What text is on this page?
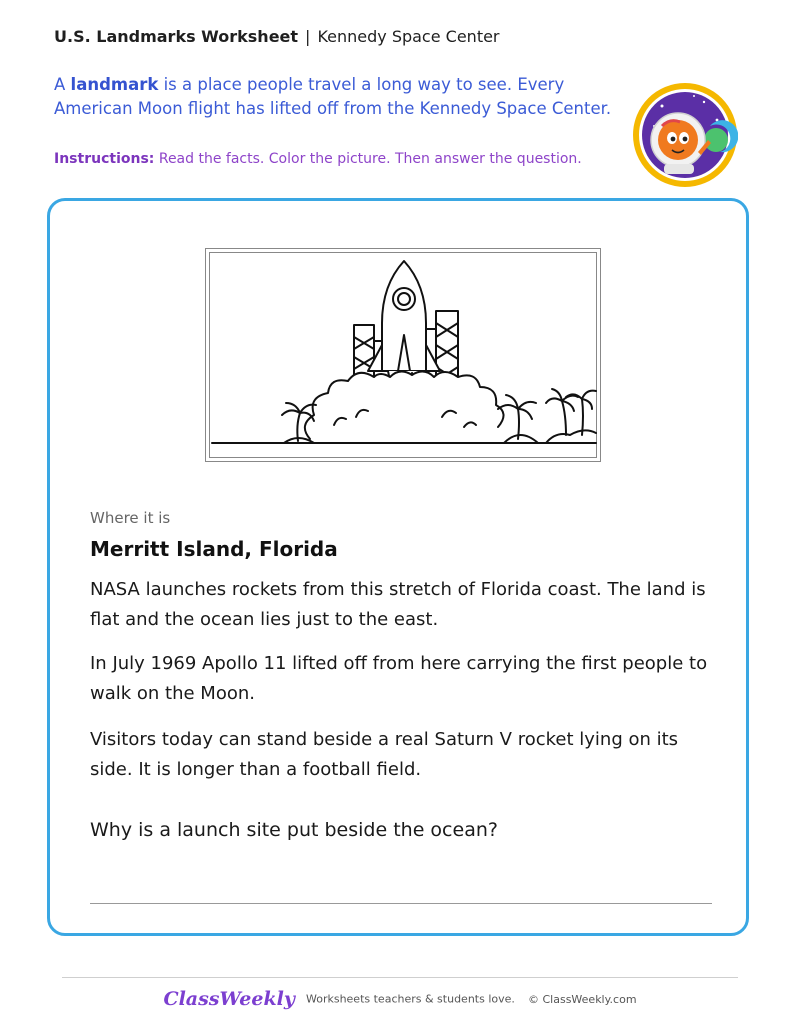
U.S. Landmarks Worksheet | Kennedy Space Center
A landmark is a place people travel a long way to see. Every American Moon flight has lifted off from the Kennedy Space Center.
Instructions: Read the facts. Color the picture. Then answer the question.
Where it is
Merritt Island, Florida
NASA launches rockets from this stretch of Florida coast. The land is flat and the ocean lies just to the east.
In July 1969 Apollo 11 lifted off from here carrying the first people to walk on the Moon.
Visitors today can stand beside a real Saturn V rocket lying on its side. It is longer than a football field.
Why is a launch site put beside the ocean?
ClassWeekly Worksheets teachers & students love. © ClassWeekly.com
